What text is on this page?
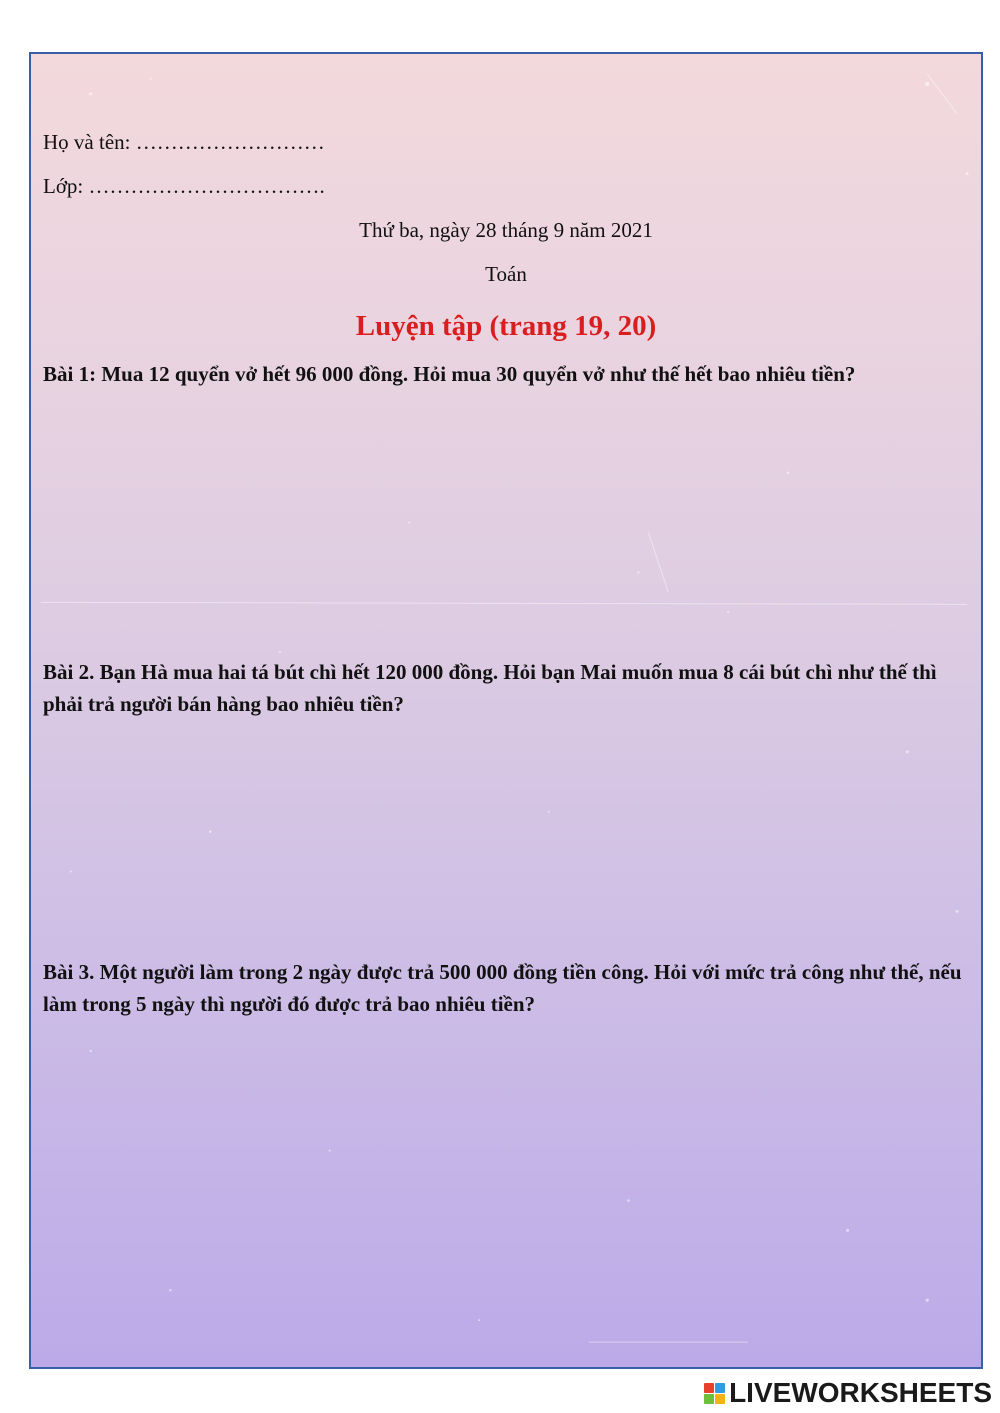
Họ và tên: ………………………
Lớp: …………………………….
Thứ ba, ngày 28 tháng 9 năm 2021
Toán
Luyện tập (trang 19, 20)
Bài 1: Mua 12 quyển vở hết 96 000 đồng. Hỏi mua 30 quyển vở như thế hết bao nhiêu tiền?
Bài 2. Bạn Hà mua hai tá bút chì hết 120 000 đồng. Hỏi bạn Mai muốn mua 8 cái bút chì như thế thì phải trả người bán hàng bao nhiêu tiền?
Bài 3. Một người làm trong 2 ngày được trả 500 000 đồng tiền công. Hỏi với mức trả công như thế, nếu làm trong 5 ngày thì người đó được trả bao nhiêu tiền?
LIVEWORKSHEETS
